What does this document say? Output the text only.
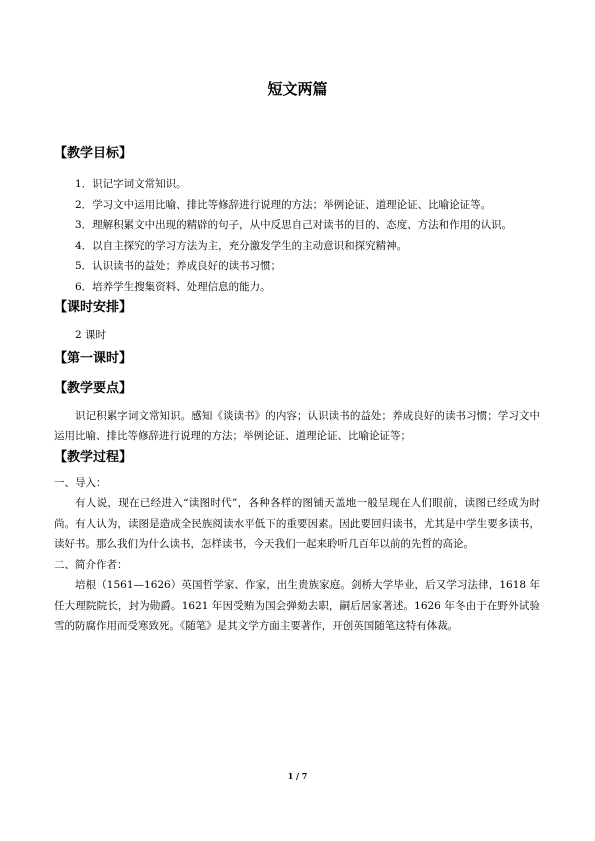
短文两篇

【教学目标】

1．识记字词文常知识。

2．学习文中运用比喻、排比等修辞进行说理的方法；举例论证、道理论证、比喻论证等。

3．理解积累文中出现的精辟的句子，从中反思自己对读书的目的、态度、方法和作用的认识。

4．以自主探究的学习方法为主，充分激发学生的主动意识和探究精神。

5．认识读书的益处；养成良好的读书习惯；

6．培养学生搜集资料、处理信息的能力。

【课时安排】

2 课时

【第一课时】

【教学要点】

识记积累字词文常知识。感知《谈读书》的内容；认识读书的益处；养成良好的读书习惯；学习文中运用比喻、排比等修辞进行说理的方法；举例论证、道理论证、比喻论证等；

【教学过程】

一、导入：

有人说，现在已经进入“读图时代”，各种各样的图铺天盖地一般呈现在人们眼前，读图已经成为时尚。有人认为，读图是造成全民族阅读水平低下的重要因素。因此要回归读书，尤其是中学生要多读书，读好书。那么我们为什么读书，怎样读书，今天我们一起来聆听几百年以前的先哲的高论。

二、简介作者：

培根（1561—1626）英国哲学家、作家，出生贵族家庭。剑桥大学毕业，后又学习法律，1618 年任大理院院长，封为勋爵。1621 年因受贿为国会弹劾去职，嗣后居家著述。1626 年冬由于在野外试验雪的防腐作用而受寒致死。《随笔》是其文学方面主要著作，开创英国随笔这特有体裁。

1 / 7
